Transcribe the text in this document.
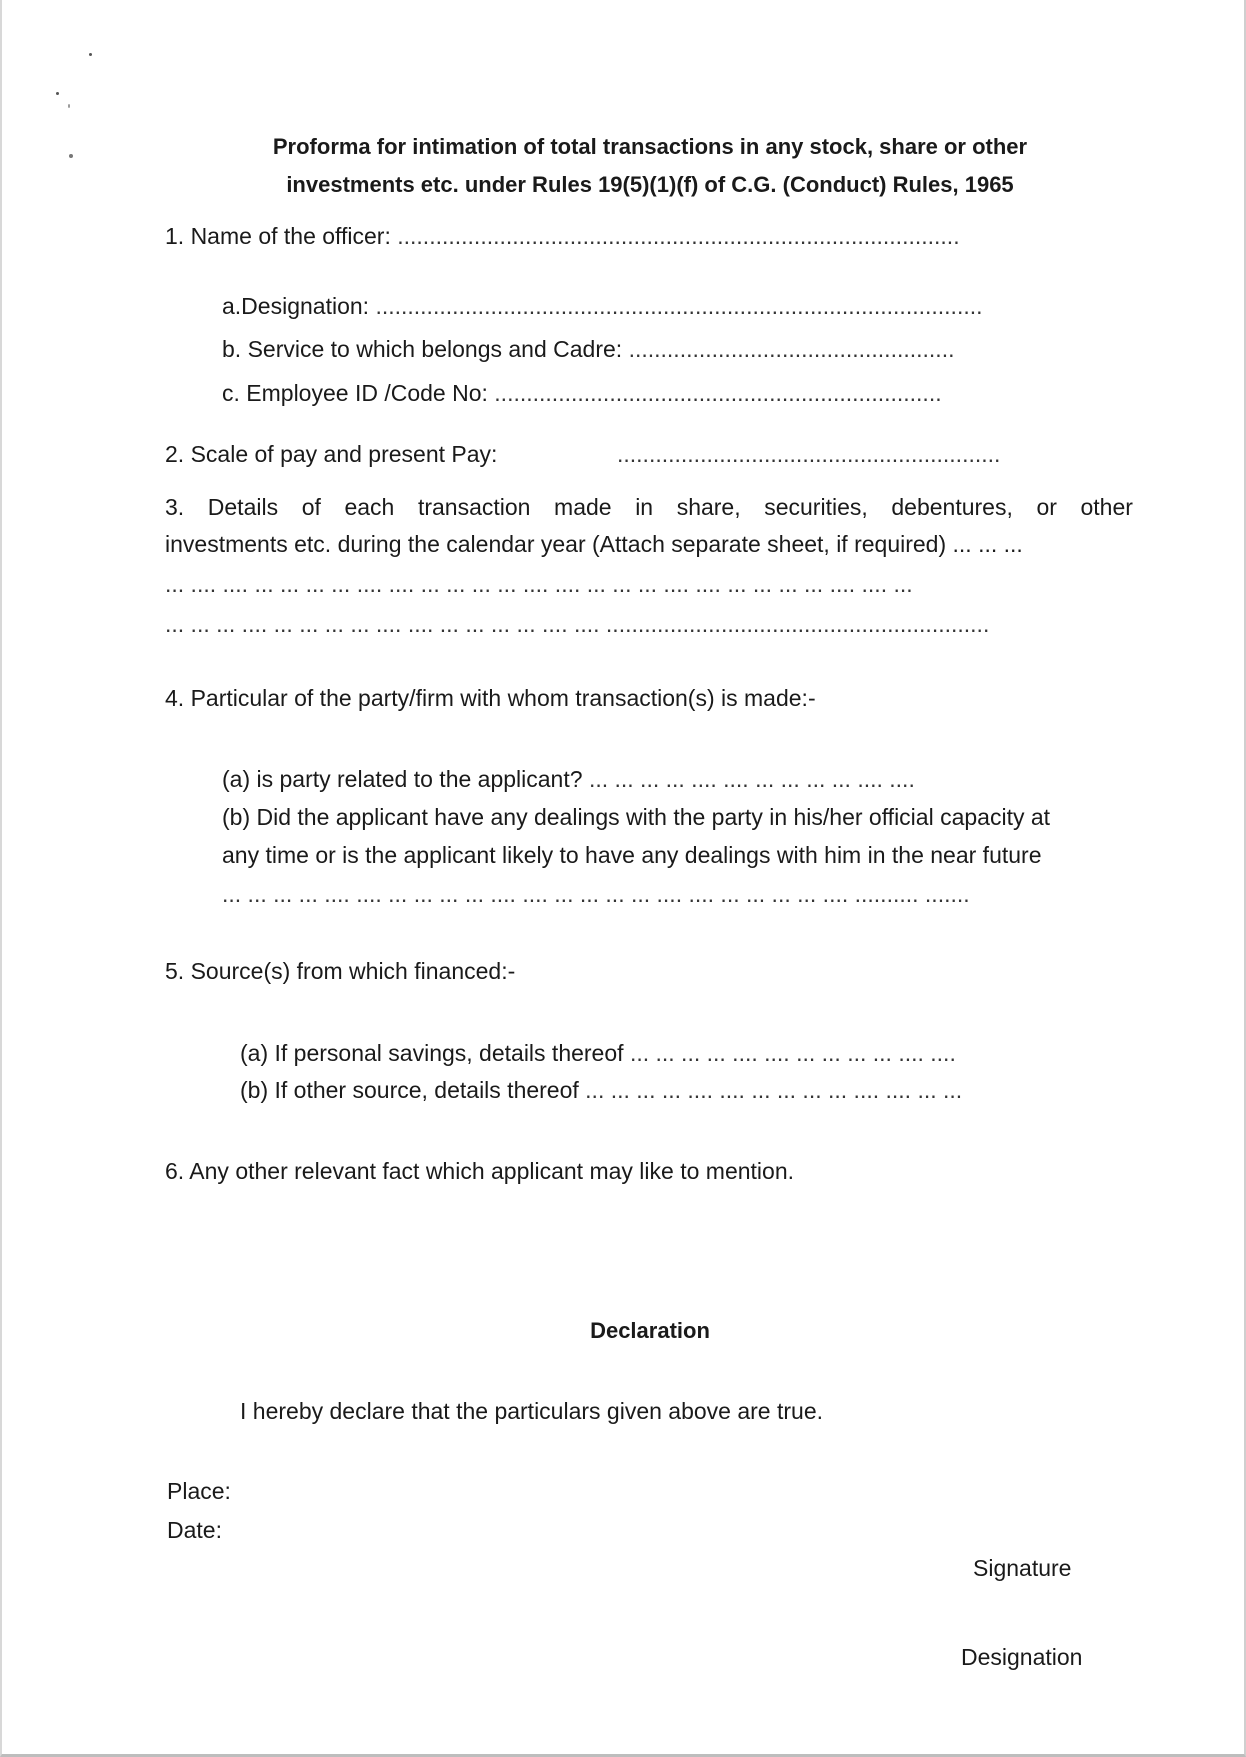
Proforma for intimation of total transactions in any stock, share or other
investments etc. under Rules 19(5)(1)(f) of C.G. (Conduct) Rules, 1965
1. Name of the officer: ........................................................................................
a.Designation: ...............................................................................................
b. Service to which belongs and Cadre: ...................................................
c. Employee ID /Code No: ......................................................................
2. Scale of pay and present Pay:	............................................................
3. Details of each transaction made in share, securities, debentures, or other
investments etc. during the calendar year (Attach separate sheet, if required) ... ... ...
... .... .... ... ... ... ... .... .... ... ... ... ... .... .... ... ... ... .... .... ... ... ... ... .... .... ...
... ... ... .... ... ... ... ... .... .... ... ... ... ... .... .... ............................................................
4. Particular of the party/firm with whom transaction(s) is made:-
(a) is party related to the applicant? ... ... ... ... .... .... ... ... ... ... .... ....
(b) Did the applicant have any dealings with the party in his/her official capacity at
any time or is the applicant likely to have any dealings with him in the near future
... ... ... ... .... .... ... ... ... ... .... .... ... ... ... ... .... .... ... ... ... ... .... .......... .......
5. Source(s) from which financed:-
(a) If personal savings, details thereof ... ... ... ... .... .... ... ... ... ... .... ....
(b) If other source, details thereof ... ... ... ... .... .... ... ... ... ... .... .... ... ...
6. Any other relevant fact which applicant may like to mention.
Declaration
I hereby declare that the particulars given above are true.
Place:
Date:
Signature
Designation
